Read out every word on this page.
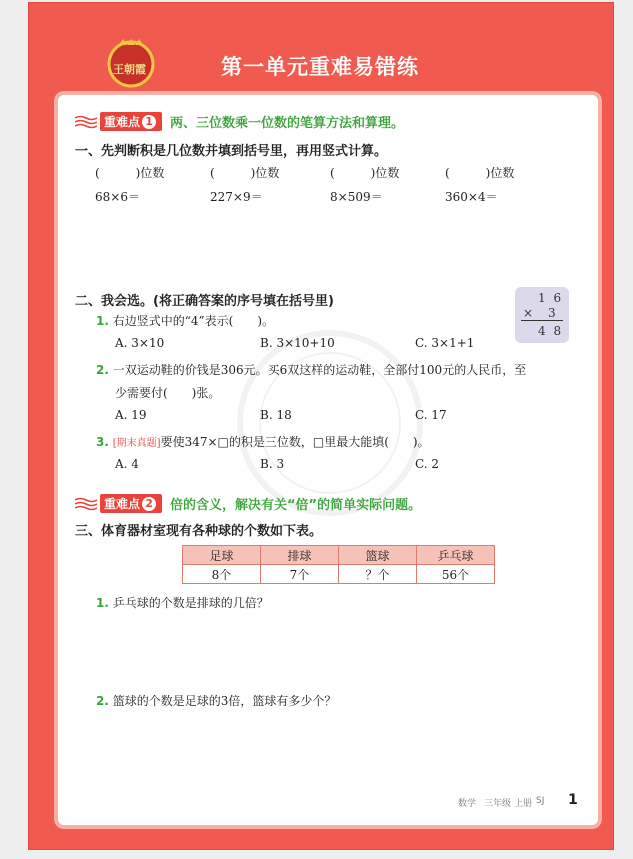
王朝霞	第一单元重难易错练
重难点 1 两、三位数乘一位数的笔算方法和算理。
一、先判断积是几位数并填到括号里，再用竖式计算。
(　　　)位数	(　　　)位数	(　　　)位数	(　　　)位数
68×6＝	227×9＝	8×509＝	360×4＝
二、我会选。(将正确答案的序号填在括号里)	1 6
× 3
4 8
1. 右边竖式中的“4”表示(　　)。
A. 3×10	B. 3×10+10	C. 3×1+1
2. 一双运动鞋的价钱是306元。买6双这样的运动鞋，全部付100元的人民币，至
少需要付(　　)张。
A. 19	B. 18	C. 17
3. [期末真题]要使347×□的积是三位数，□里最大能填(　　)。
A. 4	B. 3	C. 2
重难点 2 倍的含义，解决有关“倍”的简单实际问题。
三、体育器材室现有各种球的个数如下表。
足球	排球	篮球	乒乓球
8个	7个	？个	56个
1. 乒乓球的个数是排球的几倍？
2. 篮球的个数是足球的3倍，篮球有多少个？
数学 三年级 上册 SJ 1
